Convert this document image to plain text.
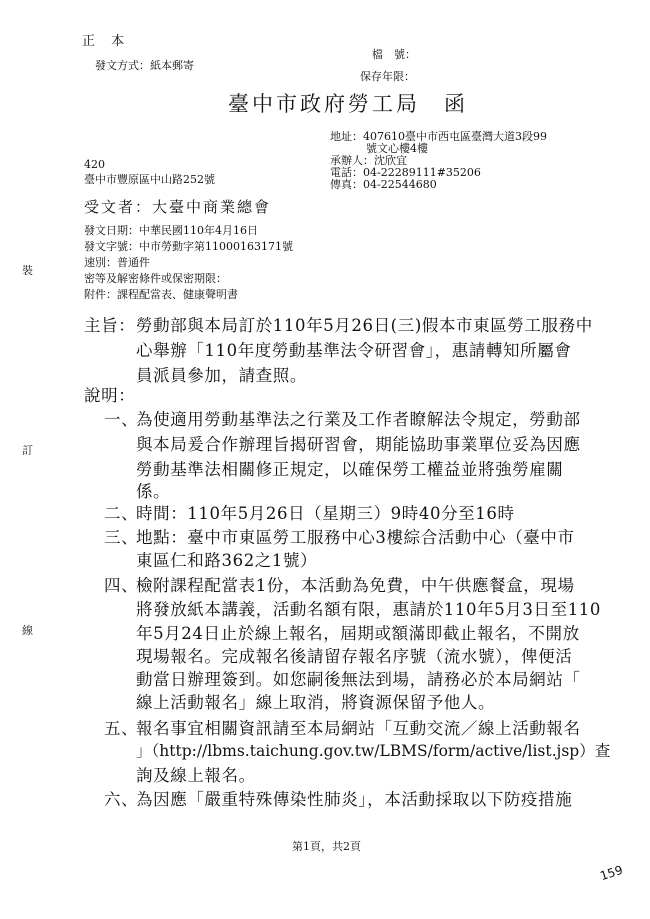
正 本
發文方式：紙本郵寄
檔　號：
保存年限：
臺中市政府勞工局　函
地址：407610臺中市西屯區臺灣大道3段99
號文心樓4樓
承辦人：沈欣宜
電話：04-22289111#35206
傳真：04-22544680
420
臺中市豐原區中山路252號
受文者：大臺中商業總會
發文日期：中華民國110年4月16日
發文字號：中市勞動字第11000163171號
速別：普通件
密等及解密條件或保密期限：
附件：課程配當表、健康聲明書
裝
訂
線
主旨： 勞動部與本局訂於110年5月26日(三)假本市東區勞工服務中
心舉辦「110年度勞動基準法令研習會」，惠請轉知所屬會
員派員參加，請查照。
說明：
一、
為使適用勞動基準法之行業及工作者瞭解法令規定，勞動部
與本局爰合作辦理旨揭研習會，期能協助事業單位妥為因應
勞動基準法相關修正規定，以確保勞工權益並將強勞雇關
係。
二、
時間：110年5月26日（星期三）9時40分至16時
三、
地點：臺中市東區勞工服務中心3樓綜合活動中心（臺中市
東區仁和路362之1號）
四、
檢附課程配當表1份，本活動為免費，中午供應餐盒，現場
將發放紙本講義，活動名額有限，惠請於110年5月3日至110
年5月24日止於線上報名，屆期或額滿即截止報名，不開放
現場報名。完成報名後請留存報名序號（流水號），俾便活
動當日辦理簽到。如您嗣後無法到場，請務必於本局網站「
線上活動報名」線上取消，將資源保留予他人。
五、
報名事宜相關資訊請至本局網站「互動交流／線上活動報名
」（http://lbms.taichung.gov.tw/LBMS/form/active/list.jsp）查
詢及線上報名。
六、
為因應「嚴重特殊傳染性肺炎」，本活動採取以下防疫措施
第1頁，共2頁
159
